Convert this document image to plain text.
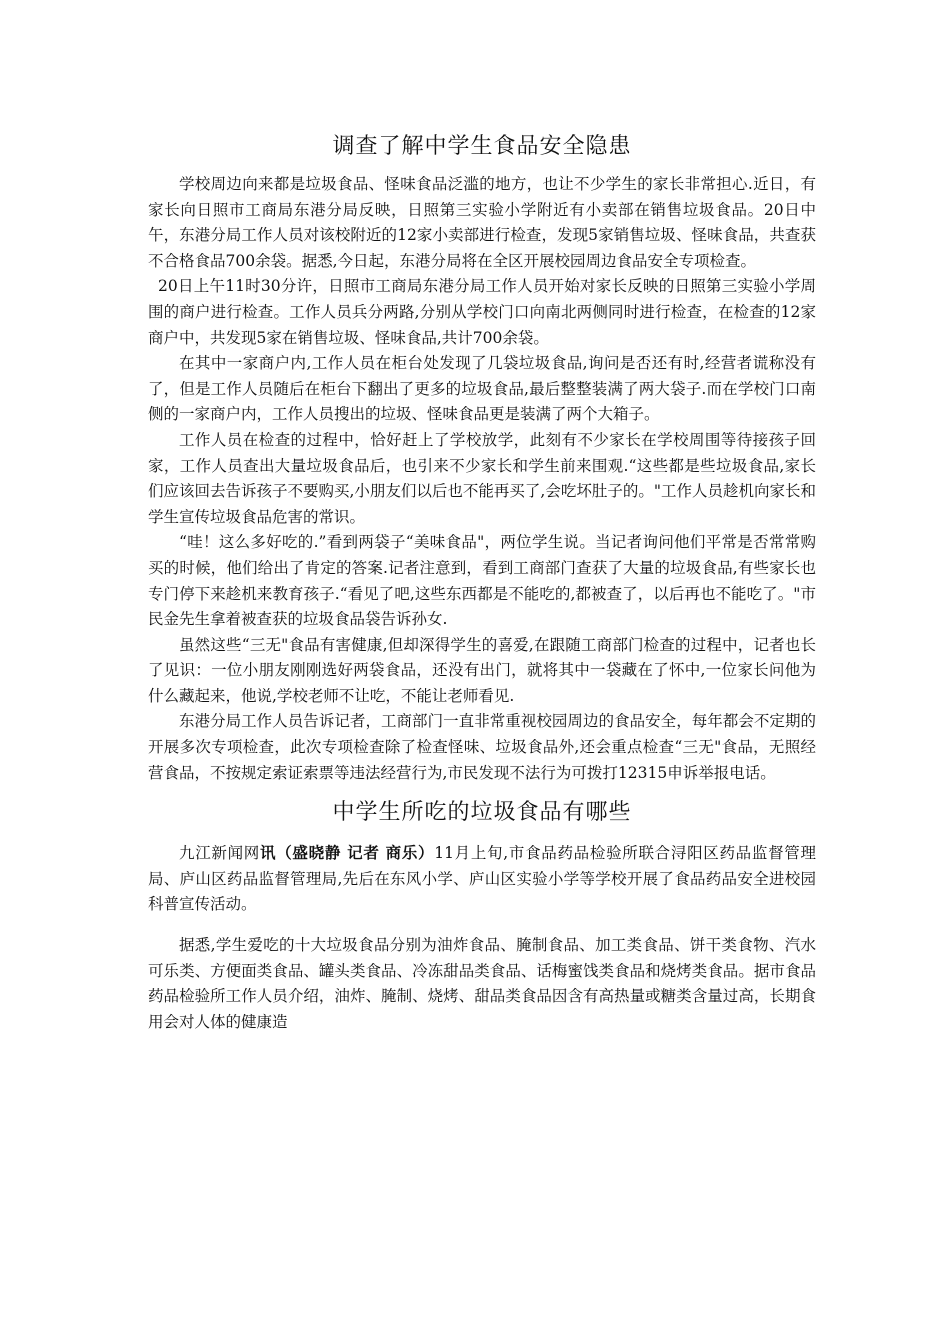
调查了解中学生食品安全隐患

学校周边向来都是垃圾食品、怪味食品泛滥的地方，也让不少学生的家长非常担心.近日，有家长向日照市工商局东港分局反映，日照第三实验小学附近有小卖部在销售垃圾食品。20日中午，东港分局工作人员对该校附近的12家小卖部进行检查，发现5家销售垃圾、怪味食品，共查获不合格食品700余袋。据悉,今日起，东港分局将在全区开展校园周边食品安全专项检查。

20日上午11时30分许，日照市工商局东港分局工作人员开始对家长反映的日照第三实验小学周围的商户进行检查。工作人员兵分两路,分别从学校门口向南北两侧同时进行检查，在检查的12家商户中，共发现5家在销售垃圾、怪味食品,共计700余袋。

在其中一家商户内,工作人员在柜台处发现了几袋垃圾食品,询问是否还有时,经营者谎称没有了，但是工作人员随后在柜台下翻出了更多的垃圾食品,最后整整装满了两大袋子.而在学校门口南侧的一家商户内，工作人员搜出的垃圾、怪味食品更是装满了两个大箱子。

工作人员在检查的过程中，恰好赶上了学校放学，此刻有不少家长在学校周围等待接孩子回家，工作人员查出大量垃圾食品后，也引来不少家长和学生前来围观.“这些都是些垃圾食品,家长们应该回去告诉孩子不要购买,小朋友们以后也不能再买了,会吃坏肚子的。"工作人员趁机向家长和学生宣传垃圾食品危害的常识。

“哇！这么多好吃的.”看到两袋子“美味食品"，两位学生说。当记者询问他们平常是否常常购买的时候，他们给出了肯定的答案.记者注意到，看到工商部门查获了大量的垃圾食品,有些家长也专门停下来趁机来教育孩子.“看见了吧,这些东西都是不能吃的,都被查了，以后再也不能吃了。"市民金先生拿着被查获的垃圾食品袋告诉孙女.

虽然这些“三无"食品有害健康,但却深得学生的喜爱,在跟随工商部门检查的过程中，记者也长了见识：一位小朋友刚刚选好两袋食品，还没有出门，就将其中一袋藏在了怀中,一位家长问他为什么藏起来，他说,学校老师不让吃，不能让老师看见.

东港分局工作人员告诉记者，工商部门一直非常重视校园周边的食品安全，每年都会不定期的开展多次专项检查，此次专项检查除了检查怪味、垃圾食品外,还会重点检查“三无"食品，无照经营食品，不按规定索证索票等违法经营行为,市民发现不法行为可拨打12315申诉举报电话。

中学生所吃的垃圾食品有哪些

九江新闻网讯（盛晓静 记者 商乐）11月上旬,市食品药品检验所联合浔阳区药品监督管理局、庐山区药品监督管理局,先后在东风小学、庐山区实验小学等学校开展了食品药品安全进校园科普宣传活动。

据悉,学生爱吃的十大垃圾食品分别为油炸食品、腌制食品、加工类食品、饼干类食物、汽水可乐类、方便面类食品、罐头类食品、冷冻甜品类食品、话梅蜜饯类食品和烧烤类食品。据市食品药品检验所工作人员介绍，油炸、腌制、烧烤、甜品类食品因含有高热量或糖类含量过高，长期食用会对人体的健康造
